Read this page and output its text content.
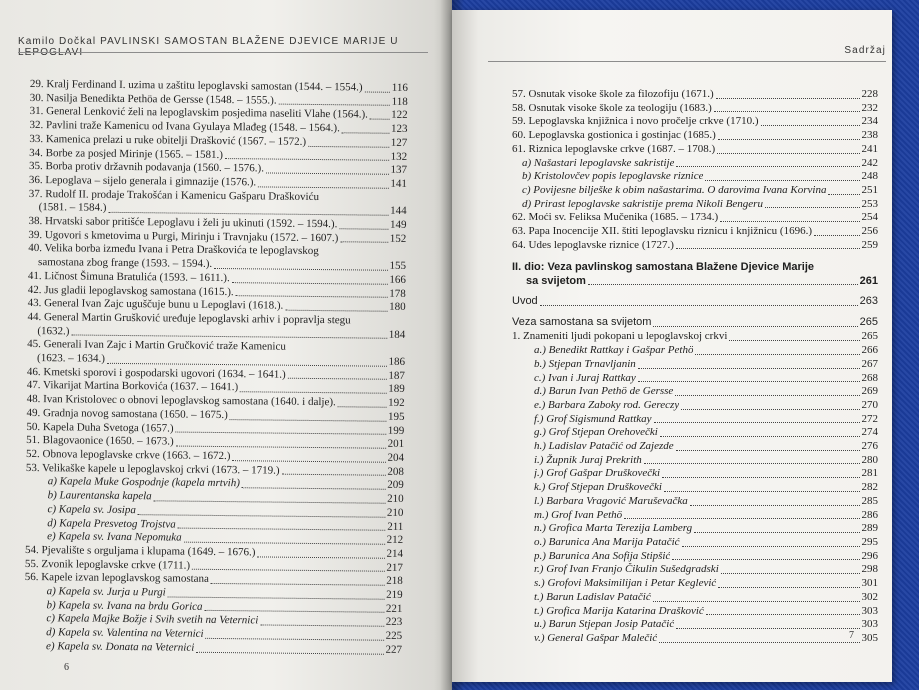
Kamilo Dočkal PAVLINSKI SAMOSTAN BLAŽENE DJEVICE MARIJE U
29. Kralj Ferdinand I. uzima u zaštitu lepoglavski samostan (1544. – 1554.)	116
30. Nasilja Benedikta Pethöa de Gersse (1548. – 1555.).	118
31. General Lenković želi na lepoglavskim posjedima naseliti Vlahe (1564.). 122
32. Pavlini traže Kamenicu od Ivana Gyulaya Mlađeg (1548. – 1564.).	123
33. Kamenica prelazi u ruke obitelji Drašković (1567. – 1572.)	127
34. Borbe za posjed Mirinje (1565. – 1581.)	132
35. Borba protiv državnih podavanja (1560. – 1576.).	137
36. Lepoglava – sijelo generala i gimnazije (1576.).	141
37. Rudolf II. prodaje Trakošćan i Kamenicu Gašparu Draškoviću
(1581. – 1584.)	144
38. Hrvatski sabor pritišće Lepoglavu i želi ju ukinuti (1592. – 1594.).	149
39. Ugovori s kmetovima u Purgi, Mirinju i Travnjaku (1572. – 1607.)	152
40. Velika borba između Ivana i Petra Draškovića te lepoglavskog
samostana zbog frange (1593. – 1594.).	155
41. Ličnost Šimuna Bratulića (1593. – 1611.).	166
42. Jus gladii lepoglavskog samostana (1615.).	178
43. General Ivan Zajc uguščuje bunu u Lepoglavi (1618.).	180
44. General Martin Grušković uređuje lepoglavski arhiv i popravlja stegu
(1632.)	184
45. Generali Ivan Zajc i Martin Gručković traže Kamenicu
(1623. – 1634.)	186
46. Kmetski sporovi i gospodarski ugovori (1634. – 1641.)	187
47. Vikarijat Martina Borkovića (1637. – 1641.)	189
48. Ivan Kristolovec o obnovi lepoglavskog samostana (1640. i dalje).	192
49. Gradnja novog samostana (1650. – 1675.)	195
50. Kapela Duha Svetoga (1657.)	199
51. Blagovaonice (1650. – 1673.)	201
52. Obnova lepoglavske crkve (1663. – 1672.)	204
53. Velikaške kapele u lepoglavskoj crkvi (1673. – 1719.)	208
a) Kapela Muke Gospodnje (kapela mrtvih)	209
b) Laurentanska kapela	210
c) Kapela sv. Josipa	210
d) Kapela Presvetog Trojstva	211
e) Kapela sv. Ivana Nepomuka	212
54. Pjevalište s orguljama i klupama (1649. – 1676.)	214
55. Zvonik lepoglavske crkve (1711.)	217
56. Kapele izvan lepoglavskog samostana	218
a) Kapela sv. Jurja u Purgi	219
b) Kapela sv. Ivana na brdu Gorica	221
c) Kapela Majke Božje i Svih svetih na Veternici	223
d) Kapela sv. Valentina na Veternici	225
e) Kapela sv. Donata na Veternici	227
6
Sadržaj
57. Osnutak visoke škole za filozofiju (1671.)	228
58. Osnutak visoke škole za teologiju (1683.)	232
59. Lepoglavska knjižnica i novo pročelje crkve (1710.)	234
60. Lepoglavska gostionica i gostinjac (1685.)	238
61. Riznica lepoglavske crkve (1687. – 1708.)	241
a) Našastari lepoglavske sakristije	242
b) Kristolovčev popis lepoglavske riznice	248
c) Povijesne bilješke k obim našastarima. O darovima Ivana Korvina	251
d) Prirast lepoglavske sakristije prema Nikoli Bengeru	253
62. Moći sv. Feliksa Mučenika (1685. – 1734.)	254
63. Papa Inocencije XII. štiti lepoglavsku riznicu i knjižnicu (1696.)	256
64. Udes lepoglavske riznice (1727.)	259
II. dio: Veza pavlinskog samostana Blažene Djevice Marije
sa svijetom	261
Uvod	263
Veza samostana sa svijetom	265
1. Znameniti ljudi pokopani u lepoglavskoj crkvi	265
a.) Benedikt Rattkay i Gašpar Pethö	266
b.) Stjepan Trnavljanin	267
c.) Ivan i Juraj Rattkay	268
d.) Barun Ivan Pethö de Gersse	269
e.) Barbara Zaboky rod. Gereczy	270
f.) Grof Sigismund Rattkay	272
g.) Grof Stjepan Orehovečki	274
h.) Ladislav Patačić od Zajezde	276
i.) Župnik Juraj Prekrith	280
j.) Grof Gašpar Druškovečki	281
k.) Grof Stjepan Druškovečki	282
l.) Barbara Vragović Maruševačka	285
m.) Grof Ivan Pethö	286
n.) Grofica Marta Terezija Lamberg	289
o.) Barunica Ana Marija Patačić	295
p.) Barunica Ana Sofija Stipšić	296
r.) Grof Ivan Franjo Čikulin Sušedgradski	298
s.) Grofovi Maksimilijan i Petar Keglević	301
t.) Barun Ladislav Patačić	302
t.) Grofica Marija Katarina Drašković	303
u.) Barun Stjepan Josip Patačić	303
v.) General Gašpar Malečić	305
7
